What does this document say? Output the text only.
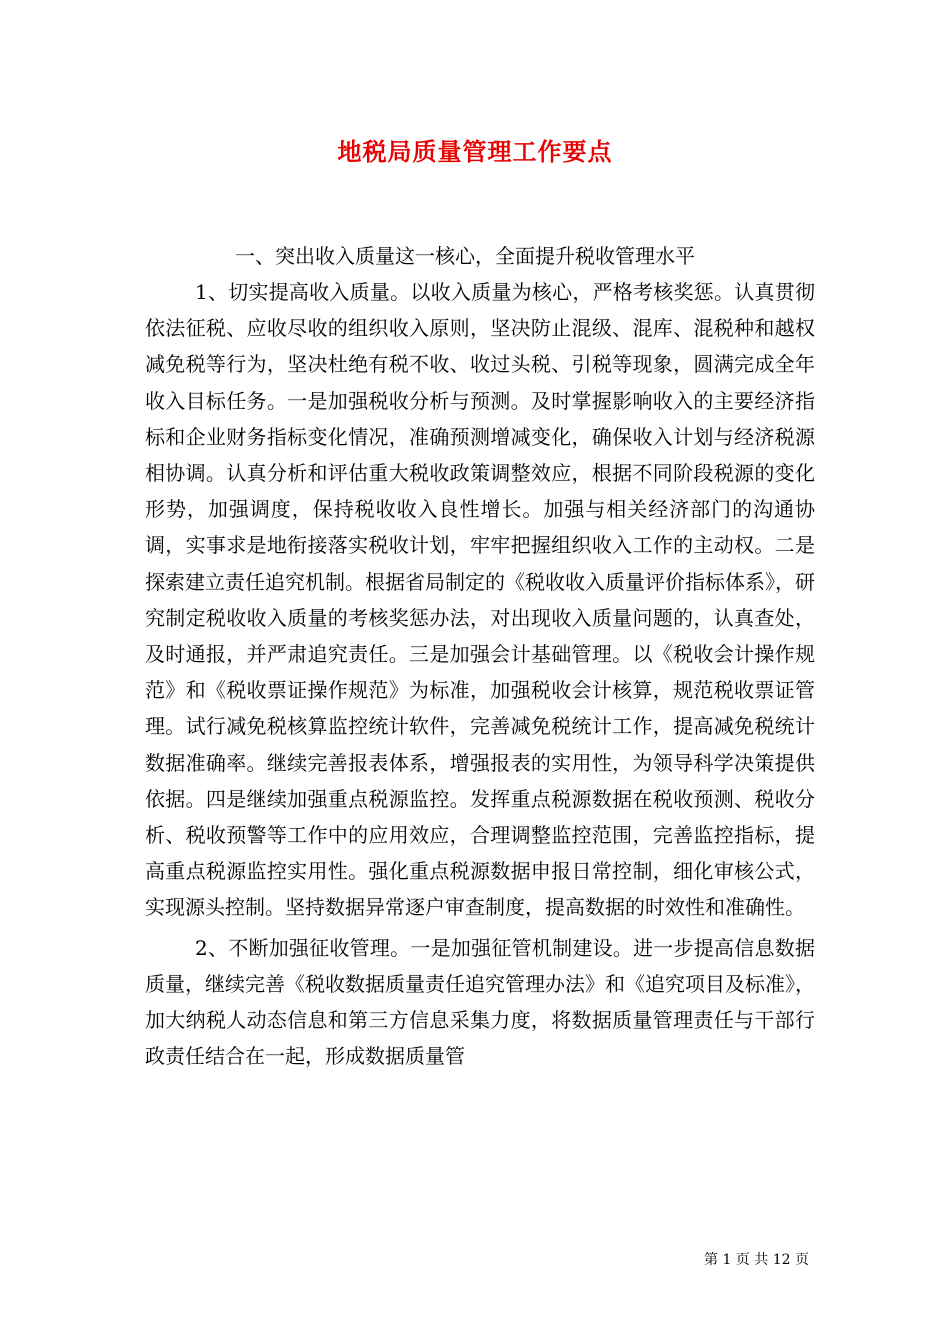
地税局质量管理工作要点

一、突出收入质量这一核心，全面提升税收管理水平

1、切实提高收入质量。以收入质量为核心，严格考核奖惩。认真贯彻依法征税、应收尽收的组织收入原则，坚决防止混级、混库、混税种和越权减免税等行为，坚决杜绝有税不收、收过头税、引税等现象，圆满完成全年收入目标任务。一是加强税收分析与预测。及时掌握影响收入的主要经济指标和企业财务指标变化情况，准确预测增减变化，确保收入计划与经济税源相协调。认真分析和评估重大税收政策调整效应，根据不同阶段税源的变化形势，加强调度，保持税收收入良性增长。加强与相关经济部门的沟通协调，实事求是地衔接落实税收计划，牢牢把握组织收入工作的主动权。二是探索建立责任追究机制。根据省局制定的《税收收入质量评价指标体系》，研究制定税收收入质量的考核奖惩办法，对出现收入质量问题的，认真查处，及时通报，并严肃追究责任。三是加强会计基础管理。以《税收会计操作规范》和《税收票证操作规范》为标准，加强税收会计核算，规范税收票证管理。试行减免税核算监控统计软件，完善减免税统计工作，提高减免税统计数据准确率。继续完善报表体系，增强报表的实用性，为领导科学决策提供依据。四是继续加强重点税源监控。发挥重点税源数据在税收预测、税收分析、税收预警等工作中的应用效应，合理调整监控范围，完善监控指标，提高重点税源监控实用性。强化重点税源数据申报日常控制，细化审核公式，实现源头控制。坚持数据异常逐户审查制度，提高数据的时效性和准确性。

2、不断加强征收管理。一是加强征管机制建设。进一步提高信息数据质量，继续完善《税收数据质量责任追究管理办法》和《追究项目及标准》，加大纳税人动态信息和第三方信息采集力度，将数据质量管理责任与干部行政责任结合在一起，形成数据质量管

第 1 页 共 12 页
